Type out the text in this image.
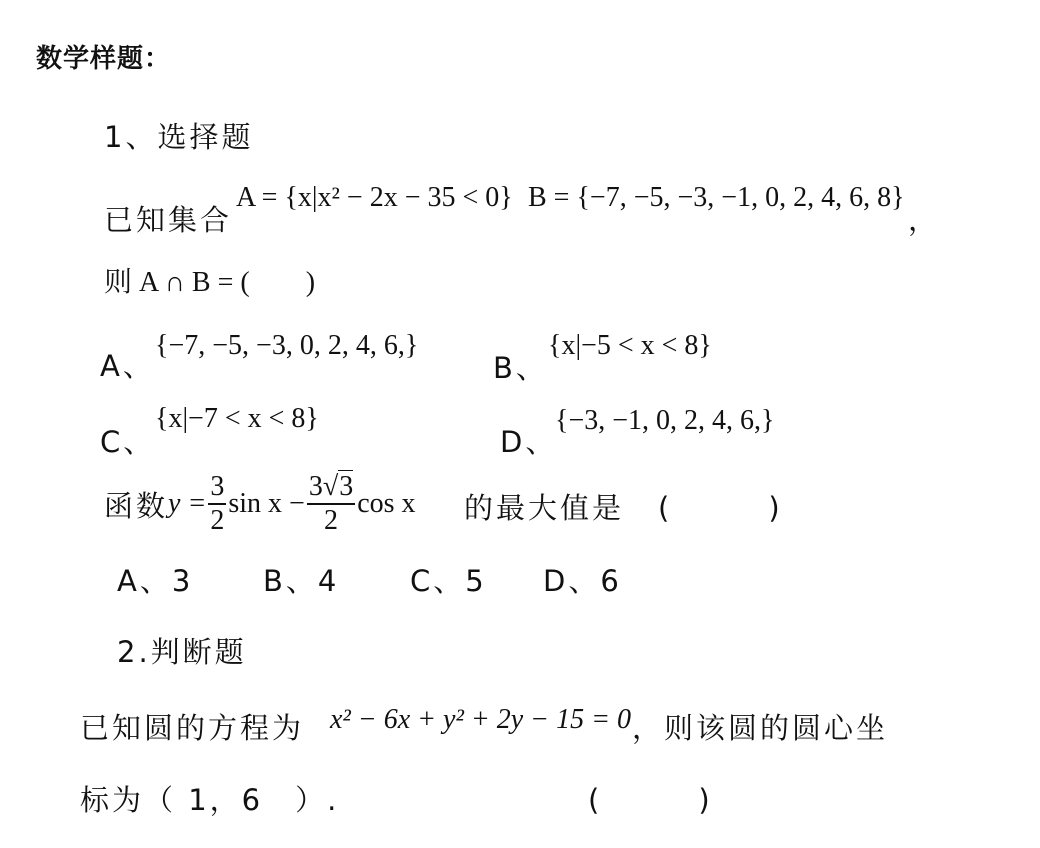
数学样题：
1、选择题
已知集合
A = {x|x² − 2x − 35 < 0} B = {−7, −5, −3, −1, 0, 2, 4, 6, 8}
，
则 A ∩ B = (　　)
A、
{−7, −5, −3, 0, 2, 4, 6,}
B、
{x|−5 < x < 8}
C、
{x|−7 < x < 8}
D、
{−3, −1, 0, 2, 4, 6,}
函数 $y = \frac{3}{2}$ $\sin x - \frac{3√3}{2}$ cos x 的最大值是 (　　　)
A、3 B、4 C、5 D、6
2.判断题
已知圆的方程为 x² − 6x + y² + 2y − 15 = 0 ，则该圆的圆心坐
标为（ 1，6　）.	(　　　)
